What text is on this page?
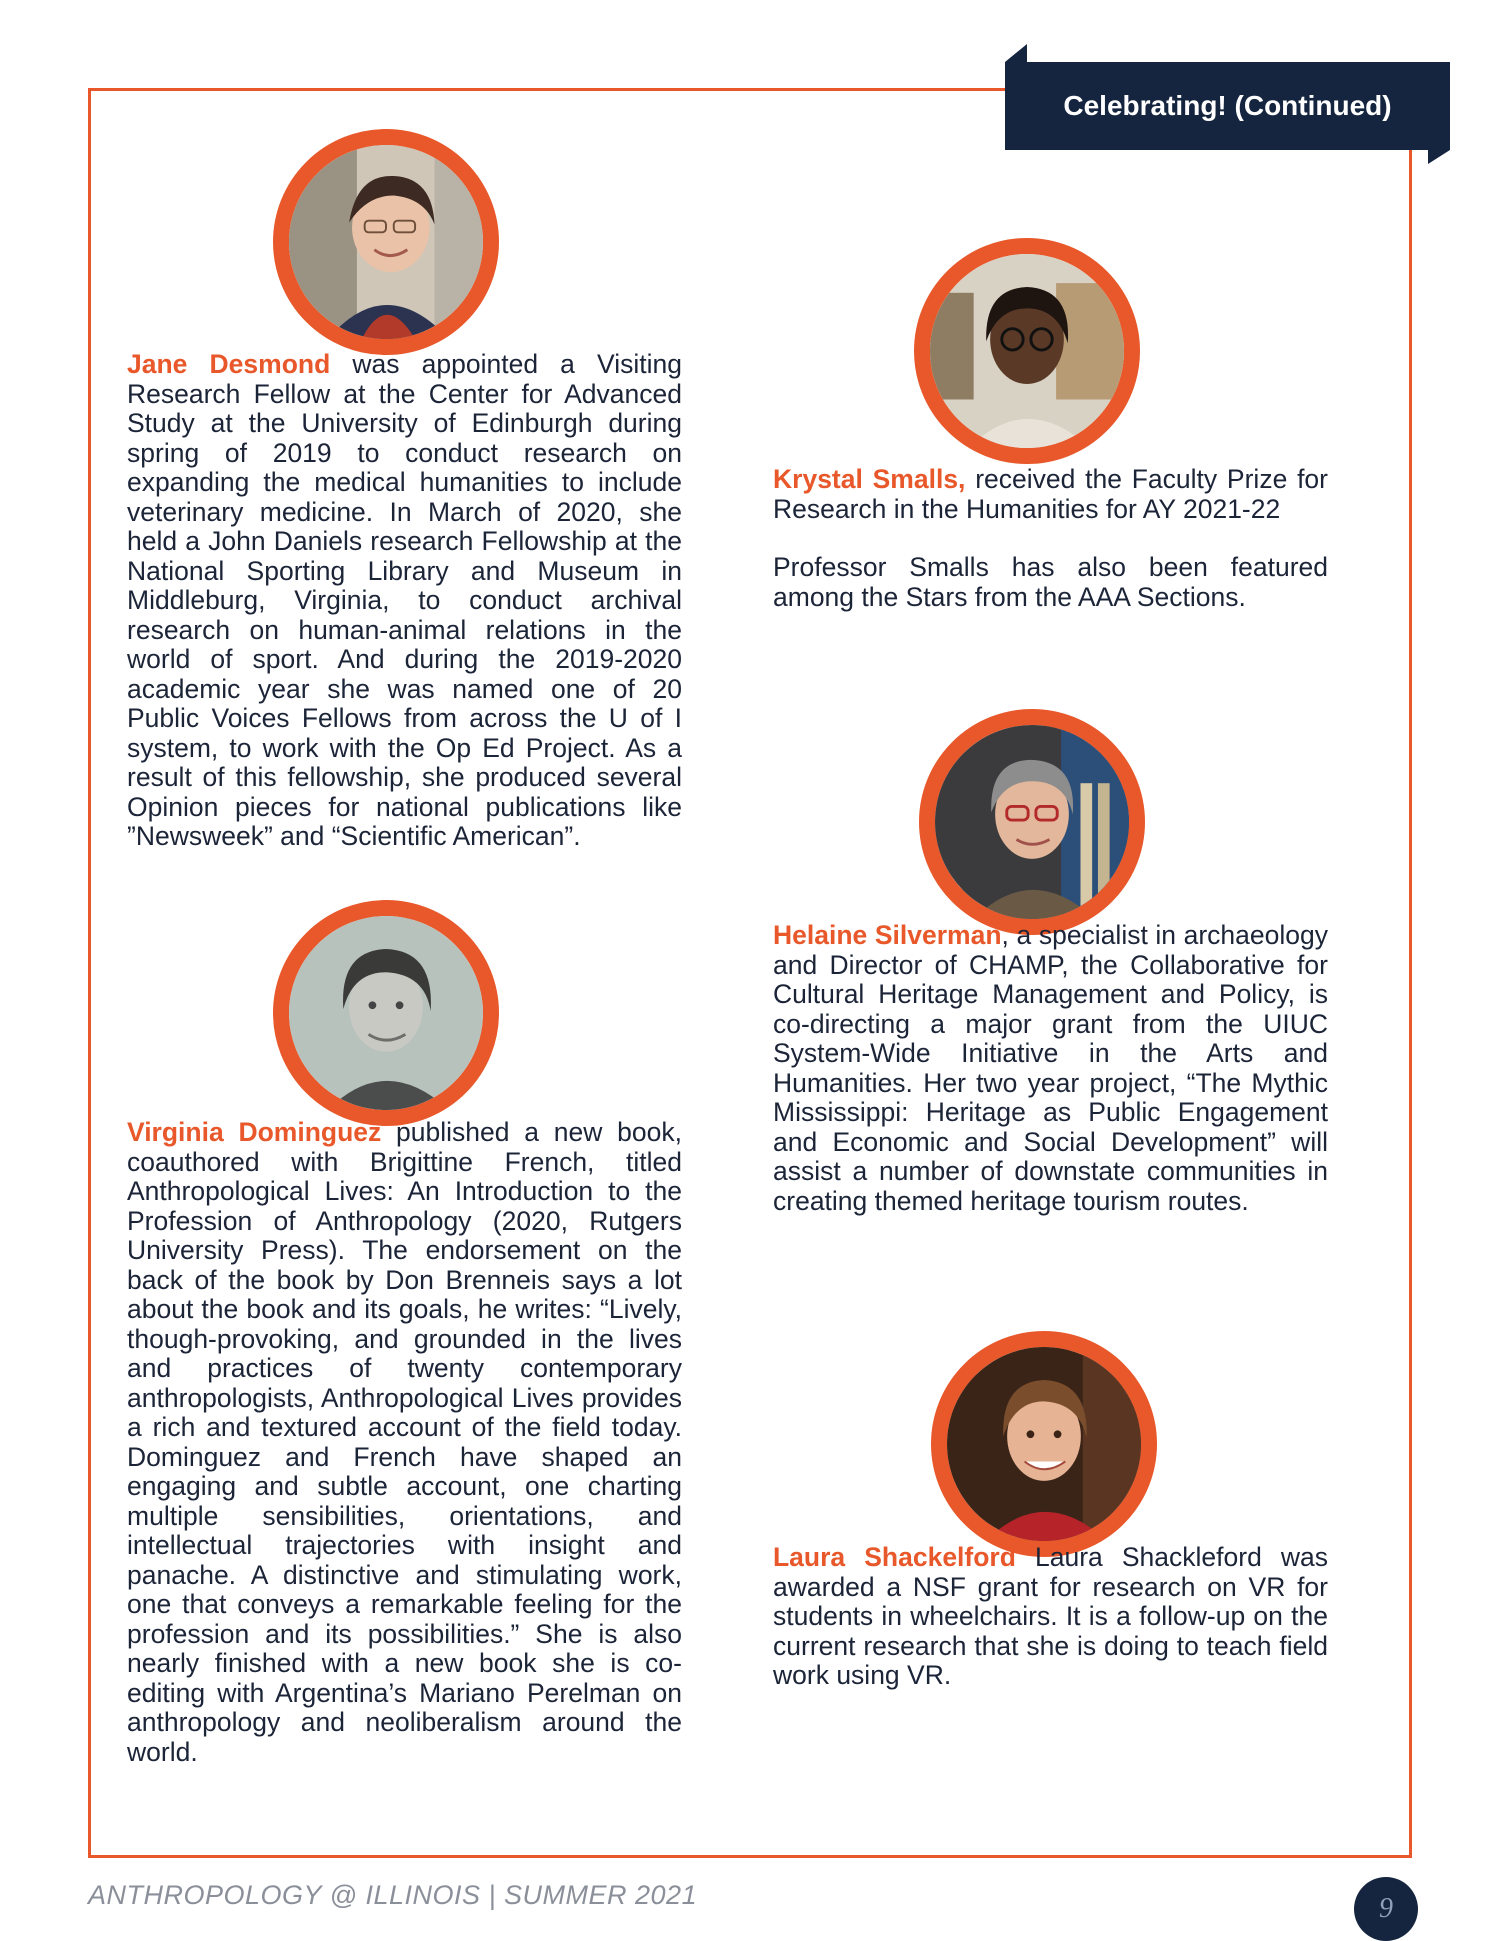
Celebrating! (Continued)

Jane Desmond was appointed a Visiting Research Fellow at the Center for Advanced Study at the University of Edinburgh during spring of 2019 to conduct research on expanding the medical humanities to include veterinary medicine. In March of 2020, she held a John Daniels research Fellowship at the National Sporting Library and Museum in Middleburg, Virginia, to conduct archival research on human-animal relations in the world of sport. And during the 2019-2020 academic year she was named one of 20 Public Voices Fellows from across the U of I system, to work with the Op Ed Project. As a result of this fellowship, she produced several Opinion pieces for national publications like ”Newsweek” and “Scientific American”.

Krystal Smalls, received the Faculty Prize for Research in the Humanities for AY 2021-22

Professor Smalls has also been featured among the Stars from the AAA Sections.

Helaine Silverman, a specialist in archaeology and Director of CHAMP, the Collaborative for Cultural Heritage Management and Policy, is co-directing a major grant from the UIUC System-Wide Initiative in the Arts and Humanities. Her two year project, “The Mythic Mississippi: Heritage as Public Engagement and Economic and Social Development” will assist a number of downstate communities in creating themed heritage tourism routes.

Virginia Dominguez published a new book, coauthored with Brigittine French, titled Anthropological Lives: An Introduction to the Profession of Anthropology (2020, Rutgers University Press). The endorsement on the back of the book by Don Brenneis says a lot about the book and its goals, he writes: “Lively, though-provoking, and grounded in the lives and practices of twenty contemporary anthropologists, Anthropological Lives provides a rich and textured account of the field today. Dominguez and French have shaped an engaging and subtle account, one charting multiple sensibilities, orientations, and intellectual trajectories with insight and panache. A distinctive and stimulating work, one that conveys a remarkable feeling for the profession and its possibilities.” She is also nearly finished with a new book she is co-editing with Argentina’s Mariano Perelman on anthropology and neoliberalism around the world.

Laura Shackelford Laura Shackleford was awarded a NSF grant for research on VR for students in wheelchairs. It is a follow-up on the current research that she is doing to teach field work using VR.

ANTHROPOLOGY @ ILLINOIS | SUMMER 2021	9
